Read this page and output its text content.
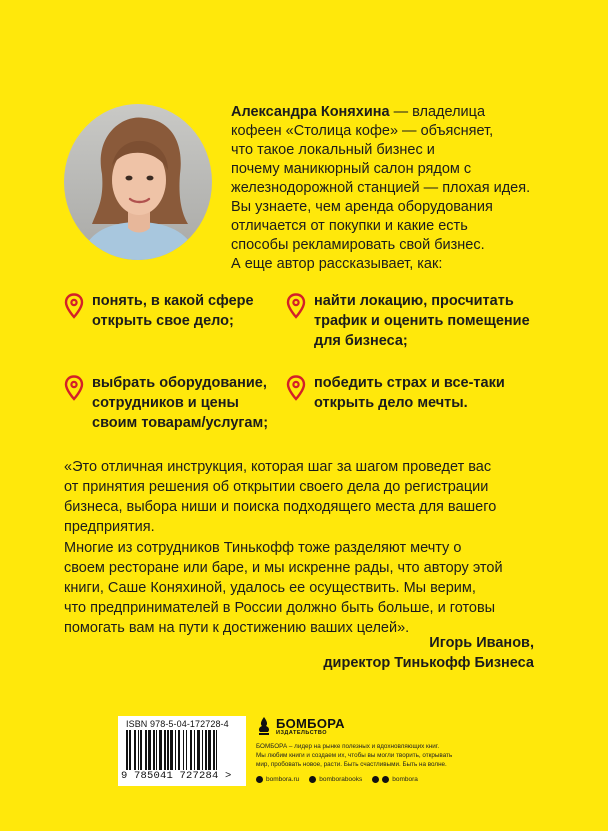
Александра Коняхина — владелица
кофеен «Столица кофе» — объясняет,
что такое локальный бизнес и
почему маникюрный салон рядом с
железнодорожной станцией — плохая идея.
Вы узнаете, чем аренда оборудования
отличается от покупки и какие есть
способы рекламировать свой бизнес.
А еще автор рассказывает, как:
понять, в какой сфере
открыть свое дело;
найти локацию, просчитать
трафик и оценить помещение
для бизнеса;
выбрать оборудование,
сотрудников и цены
своим товарам/услугам;
победить страх и все-таки
открыть дело мечты.
«Это отличная инструкция, которая шаг за шагом проведет вас
от принятия решения об открытии своего дела до регистрации
бизнеса, выбора ниши и поиска подходящего места для вашего
предприятия.
Многие из сотрудников Тинькофф тоже разделяют мечту о
своем ресторане или баре, и мы искренне рады, что автору этой
книги, Саше Коняхиной, удалось ее осуществить. Мы верим,
что предпринимателей в России должно быть больше, и готовы
помогать вам на пути к достижению ваших целей».
Игорь Иванов,
директор Тинькофф Бизнеса
ISBN 978-5-04-172728-4
9 785041 727284 >
БОМБОРА
ИЗДАТЕЛЬСТВО
БОМБОРА – лидер на рынке полезных и вдохновляющих книг.
Мы любим книги и создаем их, чтобы вы могли творить, открывать
мир, пробовать новое, расти. Быть счастливыми. Быть на волне.
bombora.ru	bomborabooks	bombora
